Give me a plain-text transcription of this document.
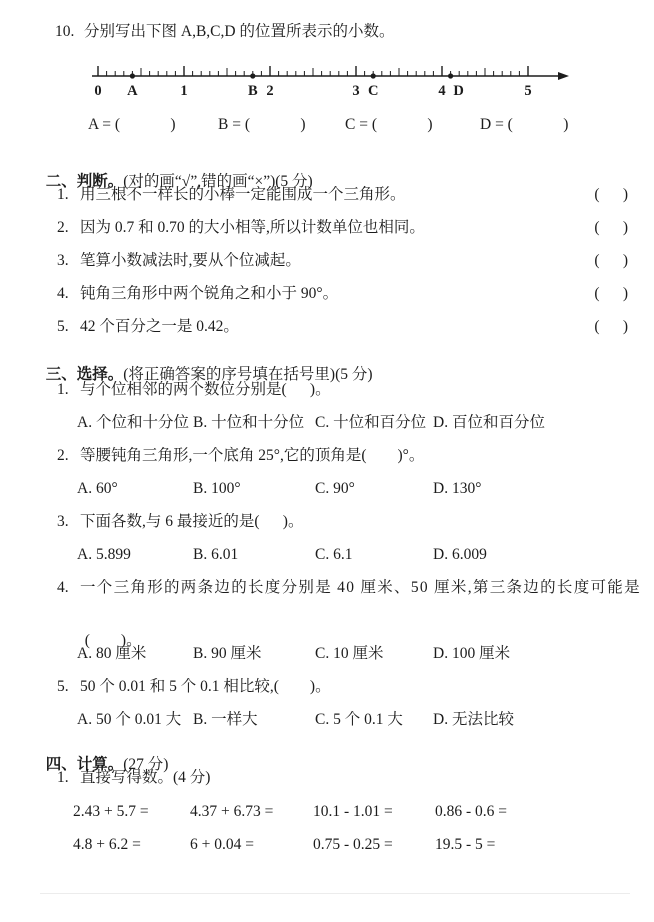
10. 分别写出下图 A,B,C,D 的位置所表示的小数。
0	1	2	3	4	5
A	B	C	D
A = (             )	B = (             )	C = (             )	D = (             )

二、判断。(对的画“√”,错的画“×”)(5 分)

1. 用三根不一样长的小棒一定能围成一个三角形。	(      )
2. 因为 0.7 和 0.70 的大小相等,所以计数单位也相同。	(      )
3. 笔算小数减法时,要从个位减起。	(      )
4. 钝角三角形中两个锐角之和小于 90°。	(      )
5. 42 个百分之一是 0.42。	(      )

三、选择。(将正确答案的序号填在括号里)(5 分)

1. 与个位相邻的两个数位分别是(      )。
A. 个位和十分位 B. 十位和十分位 C. 十位和百分位 D. 百位和百分位
2. 等腰钝角三角形,一个底角 25°,它的顶角是(        )°。
A. 60°	B. 100°	C. 90°	D. 130°
3. 下面各数,与 6 最接近的是(      )。
A. 5.899	B. 6.01	C. 6.1	D. 6.009
4. 一个三角形的两条边的长度分别是 40 厘米、50 厘米,第三条边的长度可能是

(        )。

A. 80 厘米	B. 90 厘米	C. 10 厘米	D. 100 厘米
5. 50 个 0.01 和 5 个 0.1 相比较,(        )。
A. 50 个 0.01 大 B. 一样大	C. 5 个 0.1 大	D. 无法比较

四、计算。(27 分)

1. 直接写得数。(4 分)
2.43 + 5.7 =	4.37 + 6.73 =	10.1 - 1.01 =	0.86 - 0.6 =
4.8 + 6.2 =	6 + 0.04 =	0.75 - 0.25 =	19.5 - 5 =
